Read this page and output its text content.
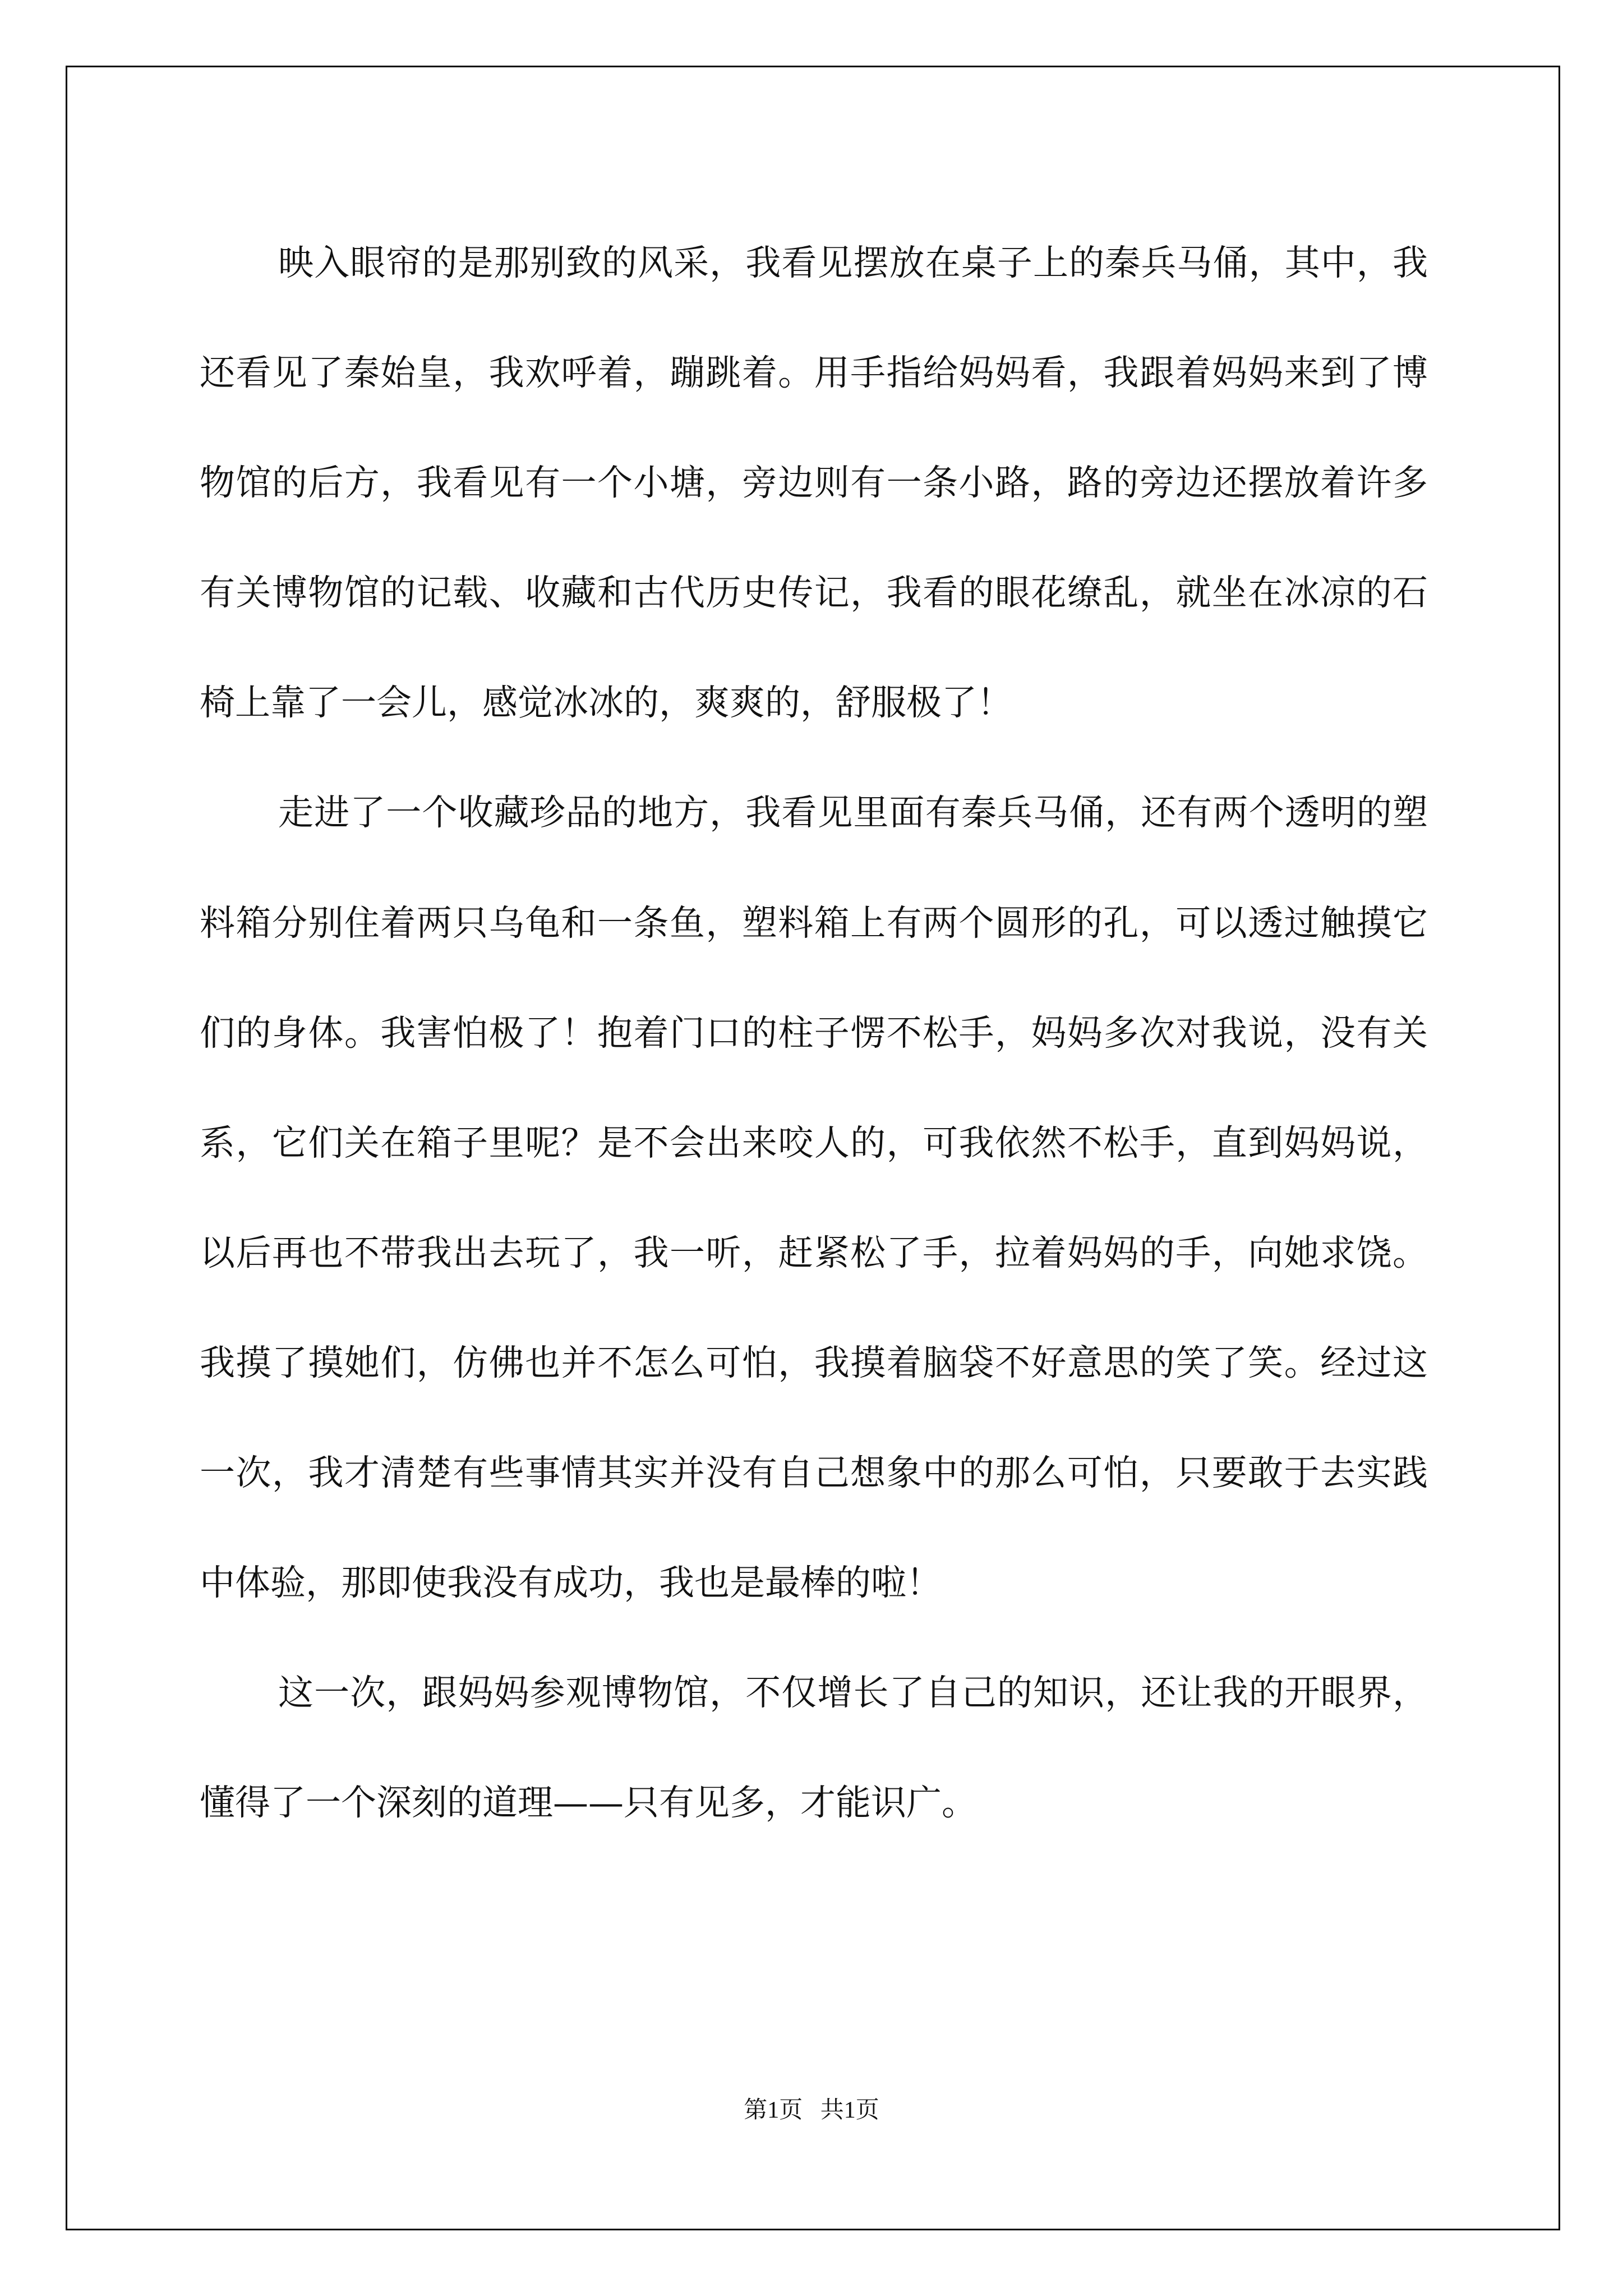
映入眼帘的是那别致的风采，我看见摆放在桌子上的秦兵马俑，其中，我还看见了秦始皇，我欢呼着，蹦跳着。用手指给妈妈看，我跟着妈妈来到了博物馆的后方，我看见有一个小塘，旁边则有一条小路，路的旁边还摆放着许多有关博物馆的记载、收藏和古代历史传记，我看的眼花缭乱，就坐在冰凉的石椅上靠了一会儿，感觉冰冰的，爽爽的，舒服极了！

走进了一个收藏珍品的地方，我看见里面有秦兵马俑，还有两个透明的塑料箱分别住着两只乌龟和一条鱼，塑料箱上有两个圆形的孔，可以透过触摸它们的身体。我害怕极了！抱着门口的柱子愣不松手，妈妈多次对我说，没有关系，它们关在箱子里呢？是不会出来咬人的，可我依然不松手，直到妈妈说，以后再也不带我出去玩了，我一听，赶紧松了手，拉着妈妈的手，向她求饶。我摸了摸她们，仿佛也并不怎么可怕，我摸着脑袋不好意思的笑了笑。经过这一次，我才清楚有些事情其实并没有自己想象中的那么可怕，只要敢于去实践中体验，那即使我没有成功，我也是最棒的啦！

这一次，跟妈妈参观博物馆，不仅增长了自己的知识，还让我的开眼界，懂得了一个深刻的道理——只有见多，才能识广。

第1页   共1页
